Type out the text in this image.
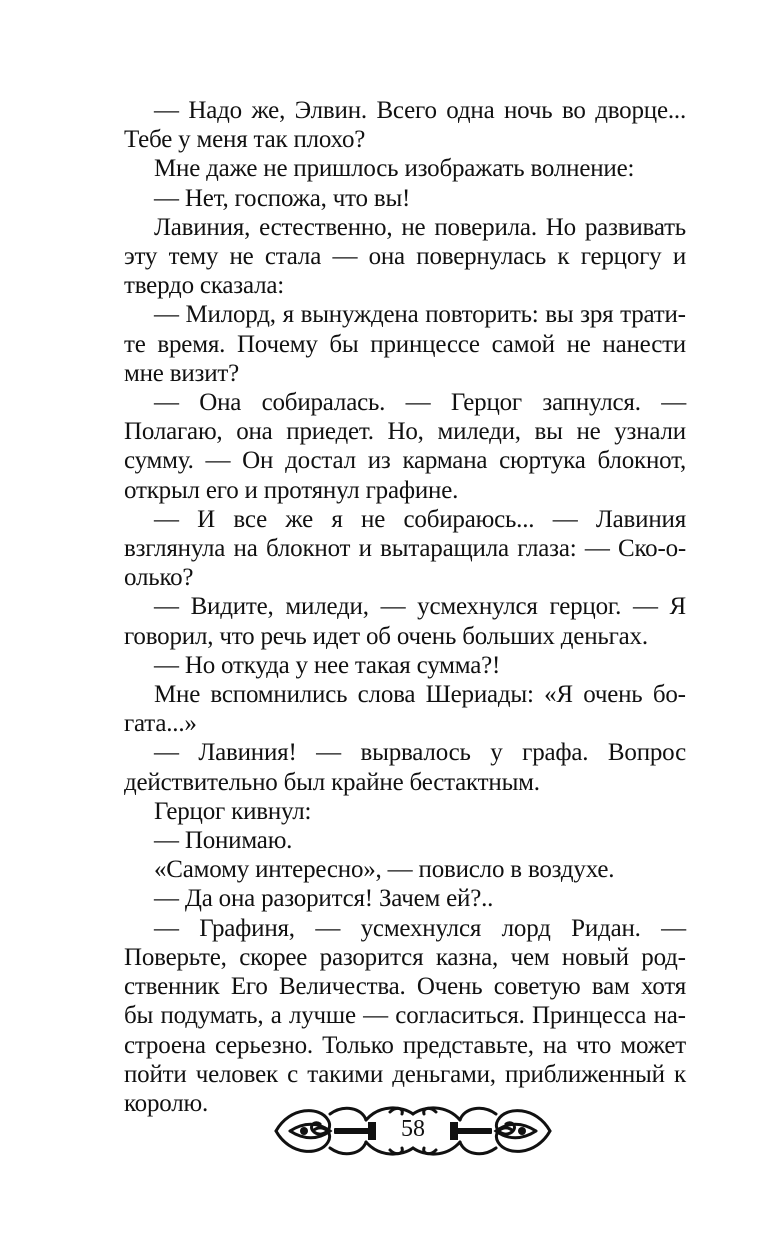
— Надо же, Элвин. Всего одна ночь во дворце... Тебе у меня так плохо?

Мне даже не пришлось изображать волнение:

— Нет, госпожа, что вы!

Лавиния, естественно, не поверила. Но развивать эту тему не стала — она повернулась к герцогу и твердо сказала:

— Милорд, я вынуждена повторить: вы зря тратите время. Почему бы принцессе самой не нанести мне визит?

— Она собиралась. — Герцог запнулся. — Полагаю, она приедет. Но, миледи, вы не узнали сумму. — Он достал из кармана сюртука блокнот, открыл его и протянул графине.

— И все же я не собираюсь... — Лавиния взглянула на блокнот и вытаращила глаза: — Ско-о-олько?

— Видите, миледи, — усмехнулся герцог. — Я говорил, что речь идет об очень больших деньгах.

— Но откуда у нее такая сумма?!

Мне вспомнились слова Шериады: «Я очень богата...»

— Лавиния! — вырвалось у графа. Вопрос действительно был крайне бестактным.

Герцог кивнул:

— Понимаю.

«Самому интересно», — повисло в воздухе.

— Да она разорится! Зачем ей?..

— Графиня, — усмехнулся лорд Ридан. — Поверьте, скорее разорится казна, чем новый родственник Его Величества. Очень советую вам хотя бы подумать, а лучше — согласиться. Принцесса настроена серьезно. Только представьте, на что может пойти человек с такими деньгами, приближенный к королю.

58
